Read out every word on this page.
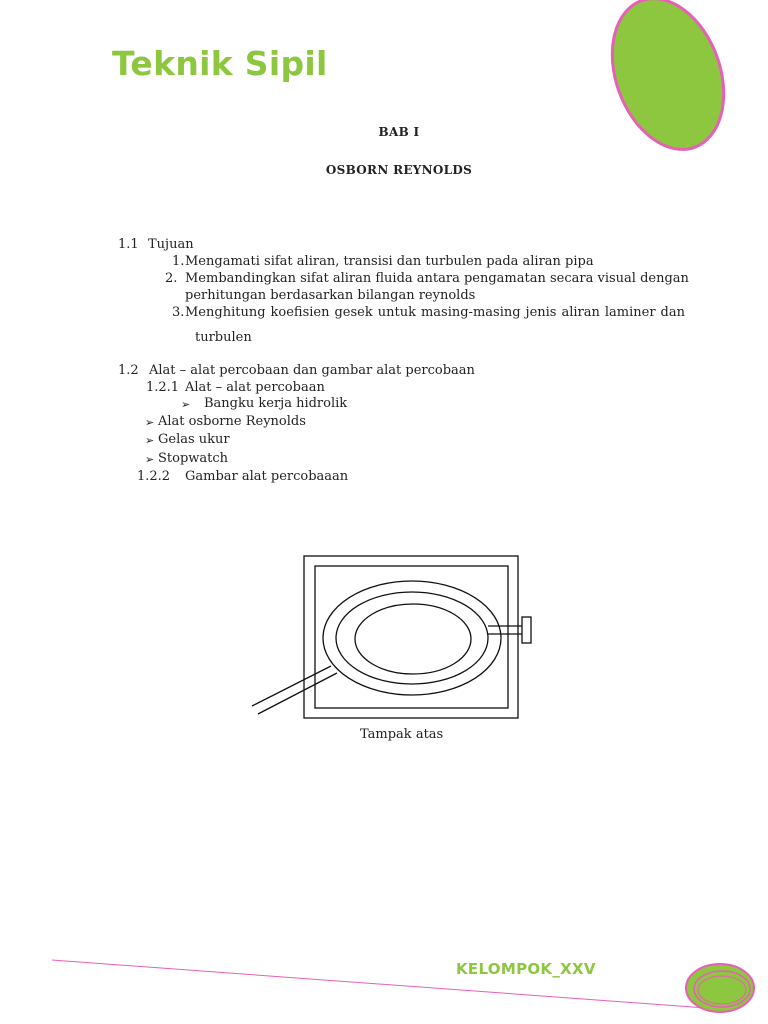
Teknik Sipil
BAB I
OSBORN REYNOLDS
1.1 Tujuan
1. Mengamati sifat aliran, transisi dan turbulen pada aliran pipa
2. Membandingkan sifat aliran fluida antara pengamatan secara visual dengan
perhitungan berdasarkan bilangan reynolds
3. Menghitung koefisien gesek untuk masing-masing jenis aliran laminer dan
turbulen
1.2 Alat – alat percobaan dan gambar alat percobaan
1.2.1 Alat – alat percobaan
➢ Bangku kerja hidrolik
➢ Alat osborne Reynolds
➢ Gelas ukur
➢ Stopwatch
1.2.2 Gambar alat percobaaan
Tampak atas
KELOMPOK_XXV
